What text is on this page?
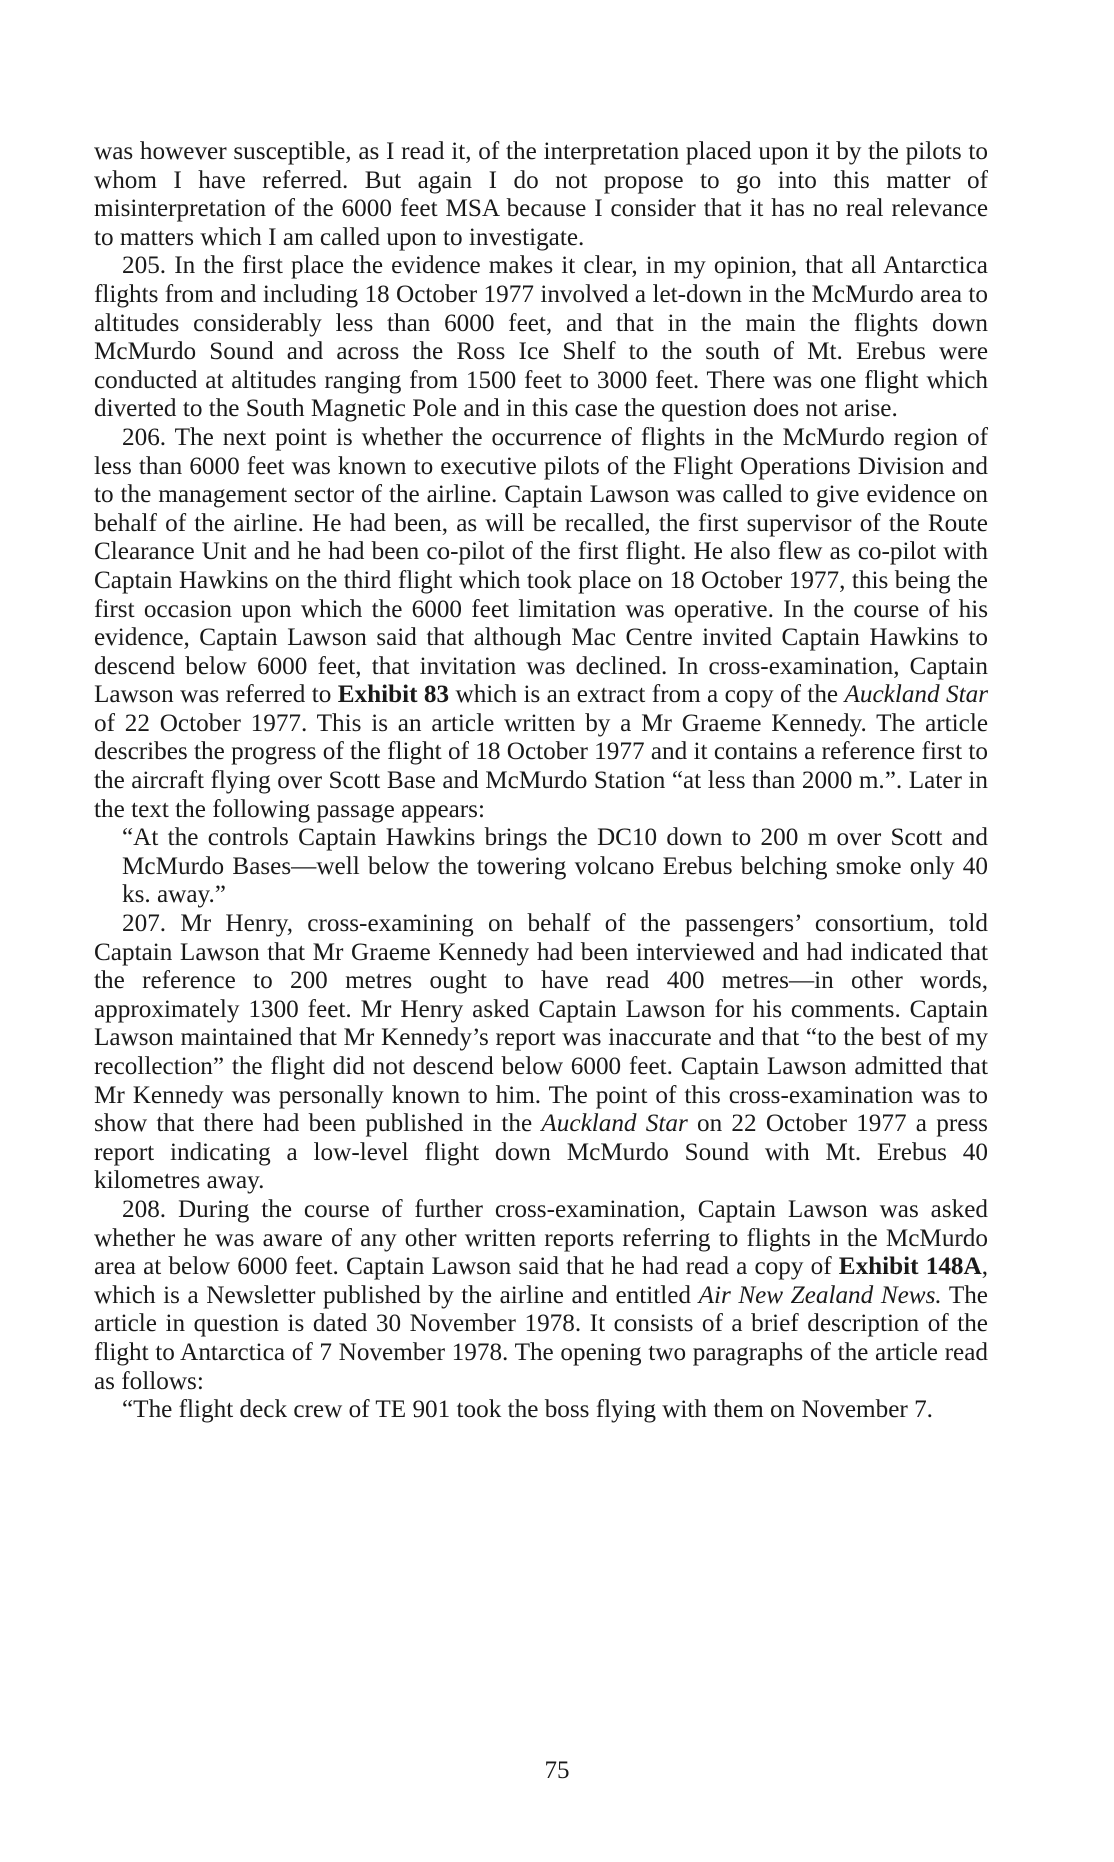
was however susceptible, as I read it, of the interpretation placed upon it by the pilots to whom I have referred. But again I do not propose to go into this matter of misinterpretation of the 6000 feet MSA because I consider that it has no real relevance to matters which I am called upon to investigate.

205. In the first place the evidence makes it clear, in my opinion, that all Antarctica flights from and including 18 October 1977 involved a let-down in the McMurdo area to altitudes considerably less than 6000 feet, and that in the main the flights down McMurdo Sound and across the Ross Ice Shelf to the south of Mt. Erebus were conducted at altitudes ranging from 1500 feet to 3000 feet. There was one flight which diverted to the South Magnetic Pole and in this case the question does not arise.

206. The next point is whether the occurrence of flights in the McMurdo region of less than 6000 feet was known to executive pilots of the Flight Operations Division and to the management sector of the airline. Captain Lawson was called to give evidence on behalf of the airline. He had been, as will be recalled, the first supervisor of the Route Clearance Unit and he had been co-pilot of the first flight. He also flew as co-pilot with Captain Hawkins on the third flight which took place on 18 October 1977, this being the first occasion upon which the 6000 feet limitation was operative. In the course of his evidence, Captain Lawson said that although Mac Centre invited Captain Hawkins to descend below 6000 feet, that invitation was declined. In cross-examination, Captain Lawson was referred to Exhibit 83 which is an extract from a copy of the Auckland Star of 22 October 1977. This is an article written by a Mr Graeme Kennedy. The article describes the progress of the flight of 18 October 1977 and it contains a reference first to the aircraft flying over Scott Base and McMurdo Station “at less than 2000 m.”. Later in the text the following passage appears:

“At the controls Captain Hawkins brings the DC10 down to 200 m over Scott and McMurdo Bases—well below the towering volcano Erebus belching smoke only 40 ks. away.”

207. Mr Henry, cross-examining on behalf of the passengers’ consortium, told Captain Lawson that Mr Graeme Kennedy had been interviewed and had indicated that the reference to 200 metres ought to have read 400 metres—in other words, approximately 1300 feet. Mr Henry asked Captain Lawson for his comments. Captain Lawson maintained that Mr Kennedy’s report was inaccurate and that “to the best of my recollection” the flight did not descend below 6000 feet. Captain Lawson admitted that Mr Kennedy was personally known to him. The point of this cross-examination was to show that there had been published in the Auckland Star on 22 October 1977 a press report indicating a low-level flight down McMurdo Sound with Mt. Erebus 40 kilometres away.

208. During the course of further cross-examination, Captain Lawson was asked whether he was aware of any other written reports referring to flights in the McMurdo area at below 6000 feet. Captain Lawson said that he had read a copy of Exhibit 148A, which is a Newsletter published by the airline and entitled Air New Zealand News. The article in question is dated 30 November 1978. It consists of a brief description of the flight to Antarctica of 7 November 1978. The opening two paragraphs of the article read as follows:

“The flight deck crew of TE 901 took the boss flying with them on November 7.

75
